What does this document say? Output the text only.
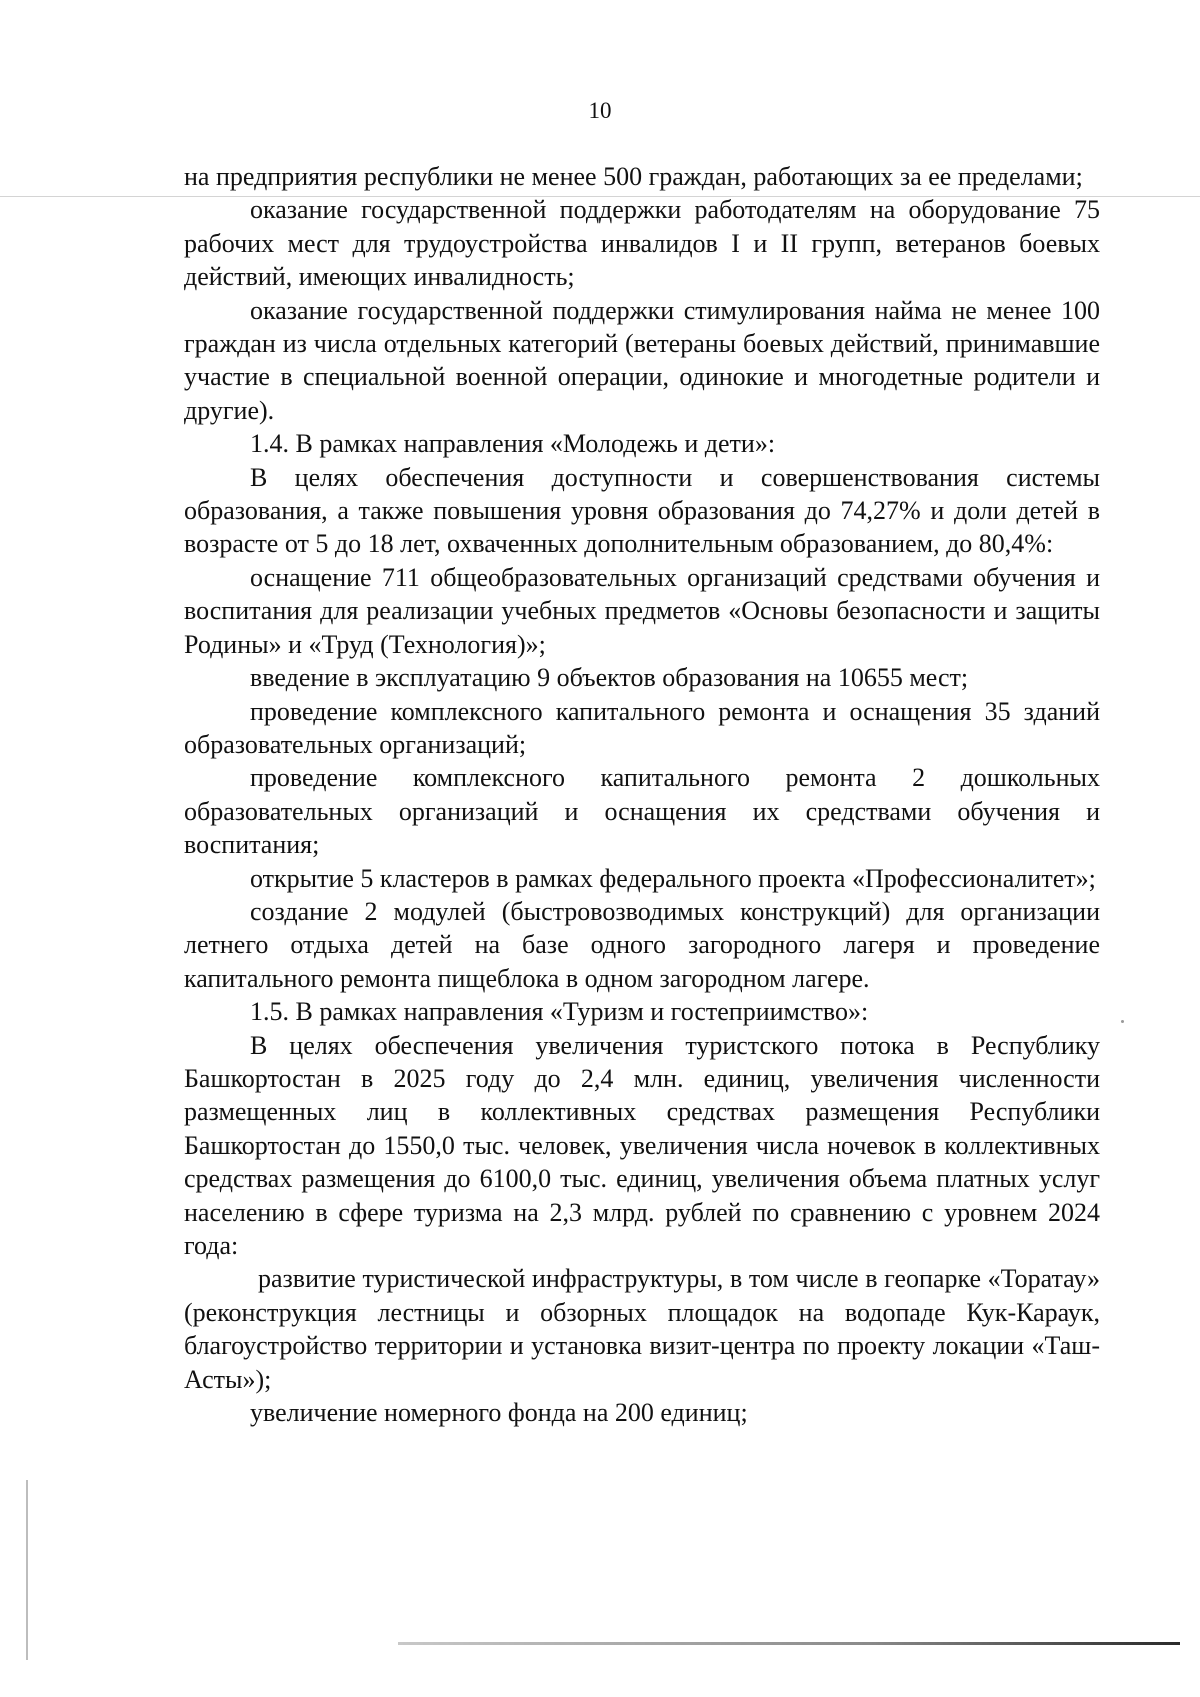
10

на предприятия республики не менее 500 граждан, работающих за ее пределами;

оказание государственной поддержки работодателям на оборудование 75 рабочих мест для трудоустройства инвалидов I и II групп, ветеранов боевых действий, имеющих инвалидность;

оказание государственной поддержки стимулирования найма не менее 100 граждан из числа отдельных категорий (ветераны боевых действий, принимавшие участие в специальной военной операции, одинокие и многодетные родители и другие).

1.4. В рамках направления «Молодежь и дети»:

В целях обеспечения доступности и совершенствования системы образования, а также повышения уровня образования до 74,27% и доли детей в возрасте от 5 до 18 лет, охваченных дополнительным образованием, до 80,4%:

оснащение 711 общеобразовательных организаций средствами обучения и воспитания для реализации учебных предметов «Основы безопасности и защиты Родины» и «Труд (Технология)»;

введение в эксплуатацию 9 объектов образования на 10655 мест;

проведение комплексного капитального ремонта и оснащения 35 зданий образовательных организаций;

проведение комплексного капитального ремонта 2 дошкольных образовательных организаций и оснащения их средствами обучения и воспитания;

открытие 5 кластеров в рамках федерального проекта «Профессионалитет»;

создание 2 модулей (быстровозводимых конструкций) для организации летнего отдыха детей на базе одного загородного лагеря и проведение капитального ремонта пищеблока в одном загородном лагере.

1.5. В рамках направления «Туризм и гостеприимство»:

В целях обеспечения увеличения туристского потока в Республику Башкортостан в 2025 году до 2,4 млн. единиц, увеличения численности размещенных лиц в коллективных средствах размещения Республики Башкортостан до 1550,0 тыс. человек, увеличения числа ночевок в коллективных средствах размещения до 6100,0 тыс. единиц, увеличения объема платных услуг населению в сфере туризма на 2,3 млрд. рублей по сравнению с уровнем 2024 года:

развитие туристической инфраструктуры, в том числе в геопарке «Торатау» (реконструкция лестницы и обзорных площадок на водопаде Кук-Караук, благоустройство территории и установка визит-центра по проекту локации «Таш-Асты»);

увеличение номерного фонда на 200 единиц;
